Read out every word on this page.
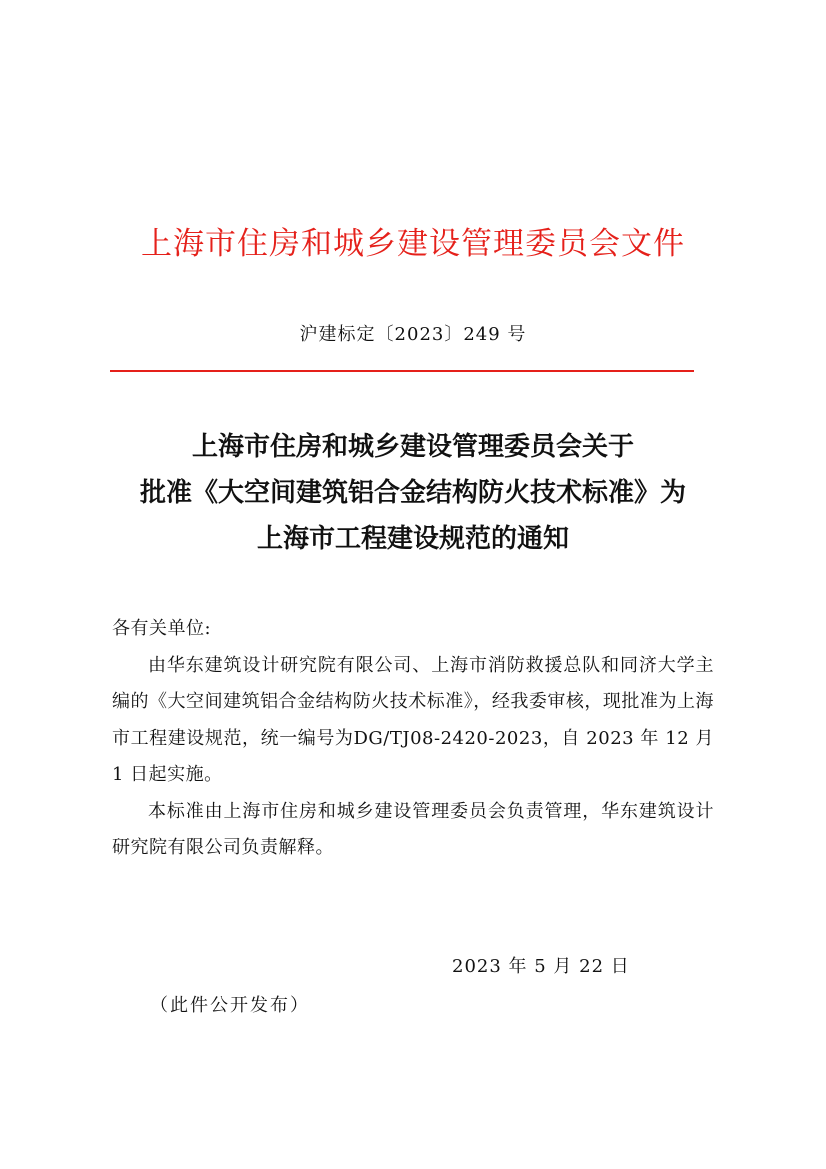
上海市住房和城乡建设管理委员会文件
沪建标定〔2023〕249 号
上海市住房和城乡建设管理委员会关于
批准《大空间建筑铝合金结构防火技术标准》为
上海市工程建设规范的通知

各有关单位:

由华东建筑设计研究院有限公司、上海市消防救援总队和同济大学主编的《大空间建筑铝合金结构防火技术标准》，经我委审核，现批准为上海市工程建设规范，统一编号为DG/TJ08-2420-2023，自 2023 年 12 月 1 日起实施。

本标准由上海市住房和城乡建设管理委员会负责管理，华东建筑设计研究院有限公司负责解释。

2023 年 5 月 22 日
（此件公开发布）
